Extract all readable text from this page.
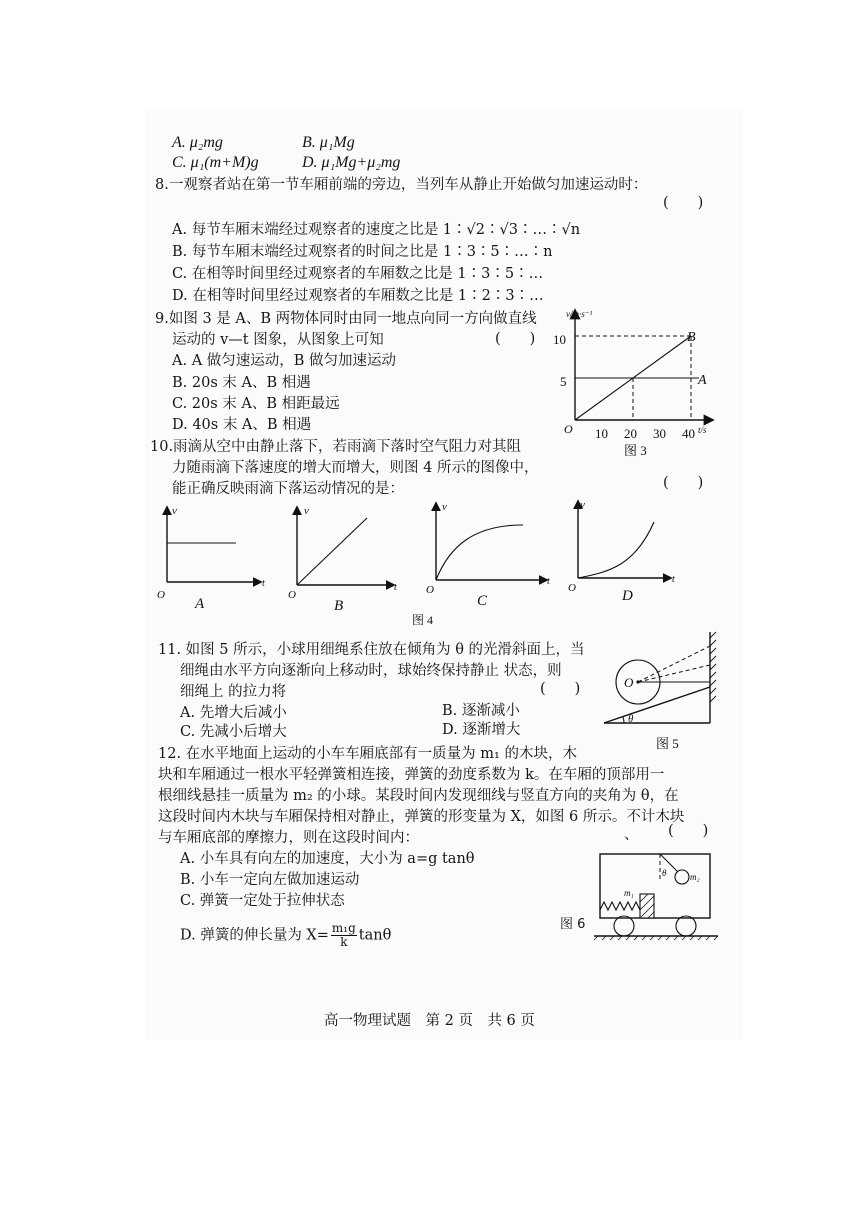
A. μ₂mg	B. μ₁Mg
C. μ₁(m+M)g	D. μ₁Mg+μ₂mg
8.一观察者站在第一节车厢前端的旁边，当列车从静止开始做匀加速运动时：
(　　)
A. 每节车厢末端经过观察者的速度之比是 1∶√2∶√3∶…∶√n
B. 每节车厢末端经过观察者的时间之比是 1∶3∶5∶…∶n
C. 在相等时间里经过观察者的车厢数之比是 1∶3∶5∶…
D. 在相等时间里经过观察者的车厢数之比是 1∶2∶3∶…
9.如图 3 是 A、B 两物体同时由同一地点向同一方向做直线
运动的 v—t 图象，从图象上可知	(　　)
A. A 做匀速运动，B 做匀加速运动
B. 20s 末 A、B 相遇
C. 20s 末 A、B 相距最远
D. 40s 末 A、B 相遇
v/m·s⁻¹
O
10
5
10 20 30 40 t/s
B
A
图 3
10.雨滴从空中由静止落下，若雨滴下落时空气阻力对其阻
力随雨滴下落速度的增大而增大，则图 4 所示的图像中，
能正确反映雨滴下落运动情况的是：	(　　)
v
t
O
A
v
t
O
B
v
t
O
C
v
t
O	D
图 4
11. 如图 5 所示，小球用细绳系住放在倾角为 θ 的光滑斜面上，当
细绳由水平方向逐渐向上移动时，球始终保持静止 状态，则
细绳上 的拉力将	(　　)
A. 先增大后减小	B. 逐渐减小
C. 先减小后增大	D. 逐渐增大
O
θ
图 5
12. 在水平地面上运动的小车车厢底部有一质量为 m₁ 的木块，木
块和车厢通过一根水平轻弹簧相连接，弹簧的劲度系数为 k。在车厢的顶部用一
根细线悬挂一质量为 m₂ 的小球。某段时间内发现细线与竖直方向的夹角为 θ，在
这段时间内木块与车厢保持相对静止，弹簧的形变量为 X，如图 6 所示。不计木块
与车厢底部的摩擦力，则在这段时间内：	、 (　　)
A. 小车具有向左的加速度，大小为 a=g tanθ
B. 小车一定向左做加速运动
C. 弹簧一定处于拉伸状态
D. 弹簧的伸长量为 $X= \frac{\text{m₁g}}{k}$ tanθ
θ	m₂
m₁
图 6
高一物理试题　第 2 页　共 6 页
